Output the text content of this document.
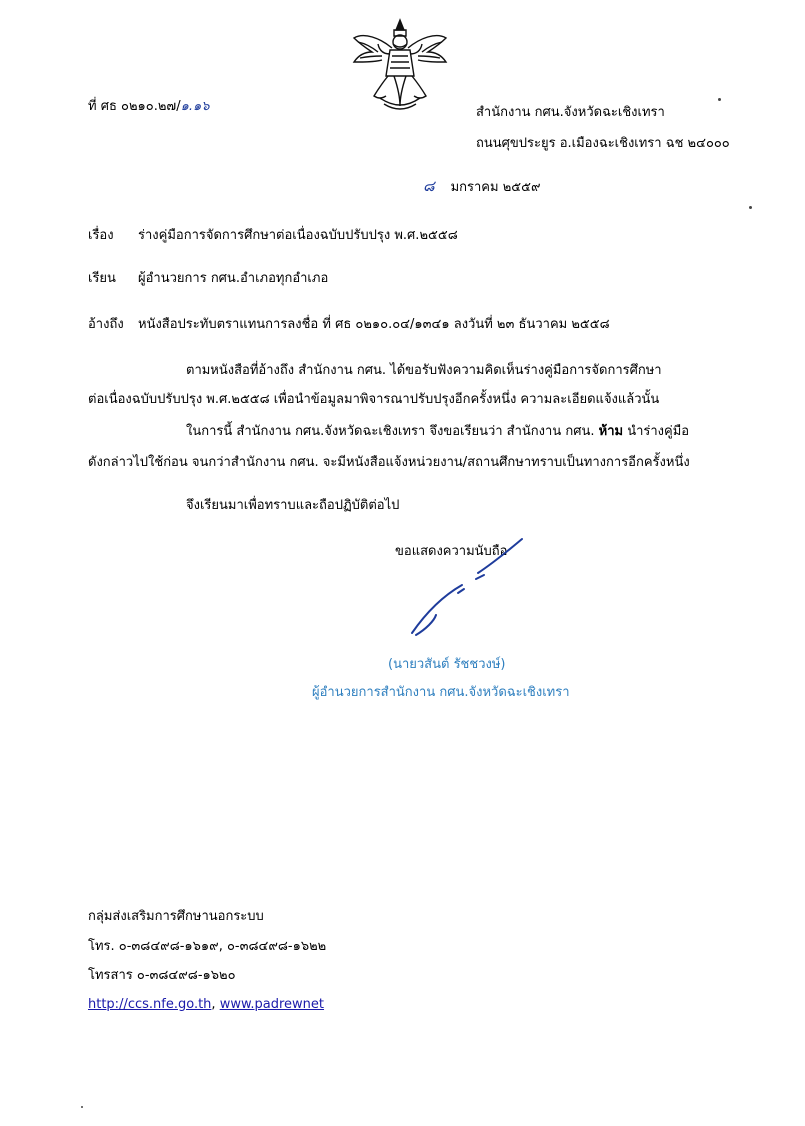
ที่ ศธ ๐๒๑๐.๒๗/๑.๑๖	สำนักงาน กศน.จังหวัดฉะเชิงเทรา
ถนนศุขประยูร อ.เมืองฉะเชิงเทรา ฉช ๒๔๐๐๐
๘ มกราคม ๒๕๕๙
เรื่อง ร่างคู่มือการจัดการศึกษาต่อเนื่องฉบับปรับปรุง พ.ศ.๒๕๕๘
เรียน ผู้อำนวยการ กศน.อำเภอทุกอำเภอ
อ้างถึง หนังสือประทับตราแทนการลงชื่อ ที่ ศธ ๐๒๑๐.๐๔/๑๓๔๑ ลงวันที่ ๒๓ ธันวาคม ๒๕๕๘
ตามหนังสือที่อ้างถึง สำนักงาน กศน. ได้ขอรับฟังความคิดเห็นร่างคู่มือการจัดการศึกษา
ต่อเนื่องฉบับปรับปรุง พ.ศ.๒๕๕๘ เพื่อนำข้อมูลมาพิจารณาปรับปรุงอีกครั้งหนึ่ง ความละเอียดแจ้งแล้วนั้น
ในการนี้ สำนักงาน กศน.จังหวัดฉะเชิงเทรา จึงขอเรียนว่า สำนักงาน กศน. ห้าม นำร่างคู่มือ
ดังกล่าวไปใช้ก่อน จนกว่าสำนักงาน กศน. จะมีหนังสือแจ้งหน่วยงาน/สถานศึกษาทราบเป็นทางการอีกครั้งหนึ่ง
จึงเรียนมาเพื่อทราบและถือปฏิบัติต่อไป
ขอแสดงความนับถือ
(นายวสันต์ รัชชวงษ์)
ผู้อำนวยการสำนักงาน กศน.จังหวัดฉะเชิงเทรา
กลุ่มส่งเสริมการศึกษานอกระบบ
โทร. ๐-๓๘๔๙๘-๑๖๑๙, ๐-๓๘๔๙๘-๑๖๒๒
โทรสาร ๐-๓๘๔๙๘-๑๖๒๐
http://ccs.nfe.go.th, www.padrewnet
